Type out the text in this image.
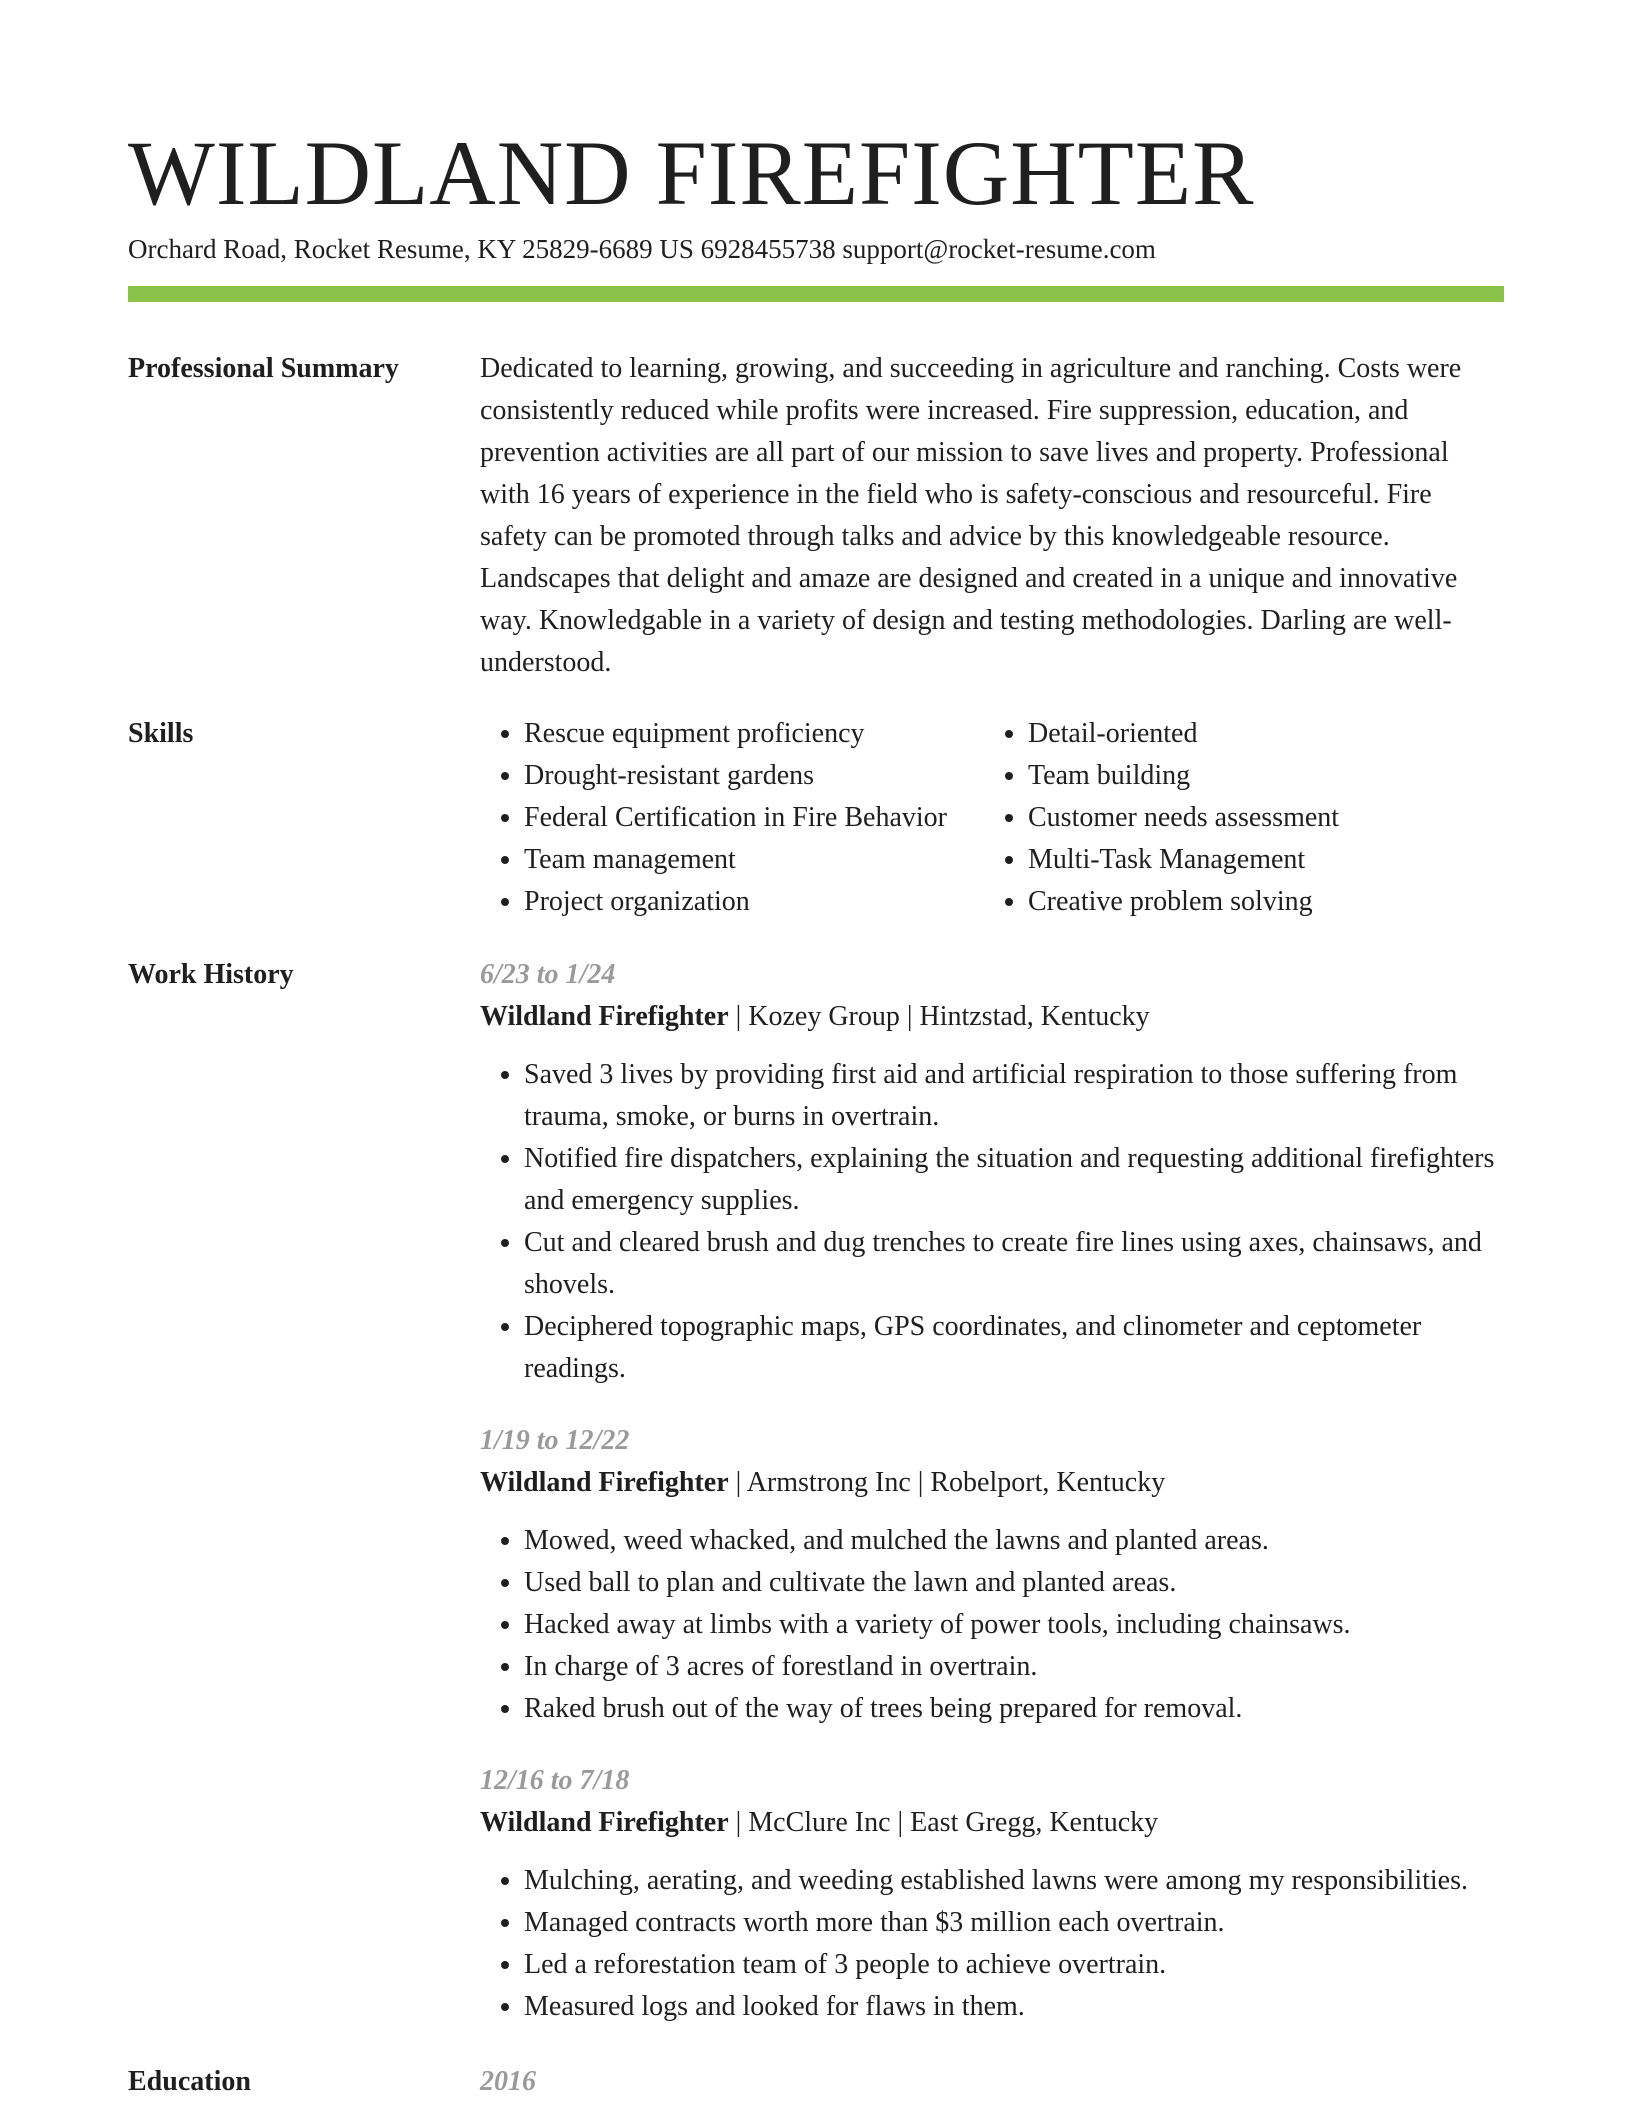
WILDLAND FIREFIGHTER
Orchard Road, Rocket Resume, KY 25829-6689 US 6928455738 support@rocket-resume.com
Professional Summary	Dedicated to learning, growing, and succeeding in agriculture and ranching. Costs were consistently reduced while profits were increased. Fire suppression, education, and prevention activities are all part of our mission to save lives and property. Professional with 16 years of experience in the field who is safety-conscious and resourceful. Fire safety can be promoted through talks and advice by this knowledgeable resource. Landscapes that delight and amaze are designed and created in a unique and innovative way. Knowledgable in a variety of design and testing methodologies. Darling are well-understood.

Skills
•	Rescue equipment proficiency
• Drought-resistant gardens
• Federal Certification in Fire Behavior
• Team management
• Project organization
• Detail-oriented
• Team building
• Customer needs assessment
• Multi-Task Management
• Creative problem solving
Work History	6/23 to 1/24
Wildland Firefighter | Kozey Group | Hintzstad, Kentucky
• Saved 3 lives by providing first aid and artificial respiration to those suffering from trauma, smoke, or burns in overtrain.
• Notified fire dispatchers, explaining the situation and requesting additional firefighters and emergency supplies.
• Cut and cleared brush and dug trenches to create fire lines using axes, chainsaws, and shovels.
• Deciphered topographic maps, GPS coordinates, and clinometer and ceptometer readings.
1/19 to 12/22
Wildland Firefighter | Armstrong Inc | Robelport, Kentucky
• Mowed, weed whacked, and mulched the lawns and planted areas.
• Used ball to plan and cultivate the lawn and planted areas.
• Hacked away at limbs with a variety of power tools, including chainsaws.
• In charge of 3 acres of forestland in overtrain.
• Raked brush out of the way of trees being prepared for removal.
12/16 to 7/18
Wildland Firefighter | McClure Inc | East Gregg, Kentucky
• Mulching, aerating, and weeding established lawns were among my responsibilities.
• Managed contracts worth more than $3 million each overtrain.
• Led a reforestation team of 3 people to achieve overtrain.
• Measured logs and looked for flaws in them.
Education	2016
